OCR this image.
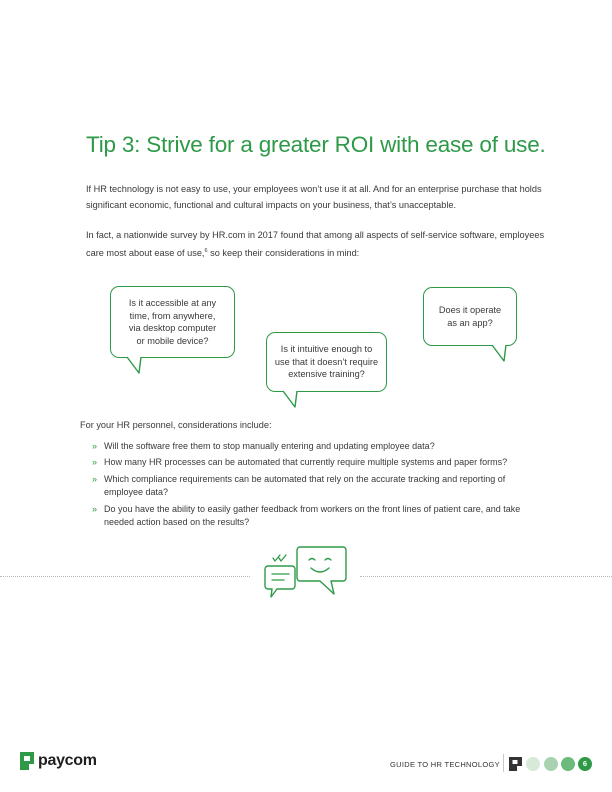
Tip 3: Strive for a greater ROI with ease of use.

If HR technology is not easy to use, your employees won’t use it at all. And for an enterprise purchase that holds significant economic, functional and cultural impacts on your business, that’s unacceptable.

In fact, a nationwide survey by HR.com in 2017 found that among all aspects of self-service software, employees care most about ease of use,$^6$ so keep their considerations in mind:

Is it accessible at any
time, from anywhere,
via desktop computer
or mobile device?
Is it intuitive enough to
use that it doesn’t require
extensive training?
Does it operate
as an app?

For your HR personnel, considerations include:

» Will the software free them to stop manually entering and updating employee data?
» How many HR processes can be automated that currently require multiple systems and paper forms?
» Which compliance requirements can be automated that rely on the accurate tracking and reporting of employee data?
» Do you have the ability to easily gather feedback from workers on the front lines of patient care, and take needed action based on the results?
paycom	GUIDE TO HR TECHNOLOGY	6
